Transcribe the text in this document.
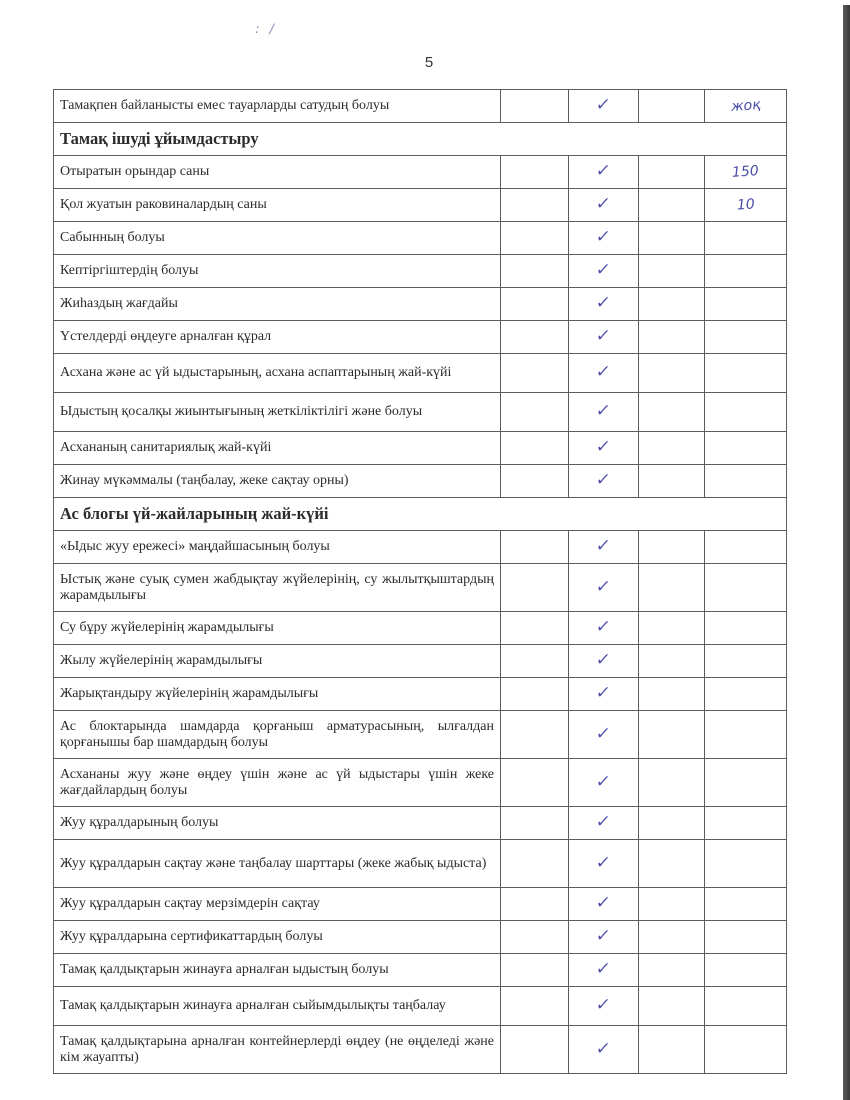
: /
5
Тамақпен байланысты емес тауарларды сатудың болуы		✓		жоқ
Тамақ ішуді ұйымдастыру				
Отыратын орындар саны		✓		150
Қол жуатын раковиналардың саны		✓		10
Сабынның болуы		✓		
Кептіргіштердің болуы		✓		
Жиһаздың жағдайы		✓		
Үстелдерді өңдеуге арналған құрал		✓		
Асхана және ас үй ыдыстарының, асхана аспаптарының жай-күйі		✓		
Ыдыстың қосалқы жиынтығының жеткіліктілігі және болуы		✓		
Асхананың санитариялық жай-күйі		✓		
Жинау мүкәммалы (таңбалау, жеке сақтау орны)		✓		
Ас блогы үй-жайларының жай-күйі				
«Ыдыс жуу ережесі» маңдайшасының болуы		✓		
Ыстық және суық сумен жабдықтау жүйелерінің, су жылытқыштардың жарамдылығы		✓		
Су бұру жүйелерінің жарамдылығы		✓		
Жылу жүйелерінің жарамдылығы		✓		
Жарықтандыру жүйелерінің жарамдылығы		✓		
Ас блоктарында шамдарда қорғаныш арматурасының, ылғалдан қорғанышы бар шамдардың болуы		✓		
Асхананы жуу және өңдеу үшін және ас үй ыдыстары үшін жеке жағдайлардың болуы		✓		
Жуу құралдарының болуы		✓		
Жуу құралдарын сақтау және таңбалау шарттары (жеке жабық ыдыста)		✓		
Жуу құралдарын сақтау мерзімдерін сақтау		✓		
Жуу құралдарына сертификаттардың болуы		✓		
Тамақ қалдықтарын жинауға арналған ыдыстың болуы		✓		
Тамақ қалдықтарын жинауға арналған сыйымдылықты таңбалау		✓		
Тамақ қалдықтарына арналған контейнерлерді өңдеу (не өңделеді және кім жауапты)		✓		
